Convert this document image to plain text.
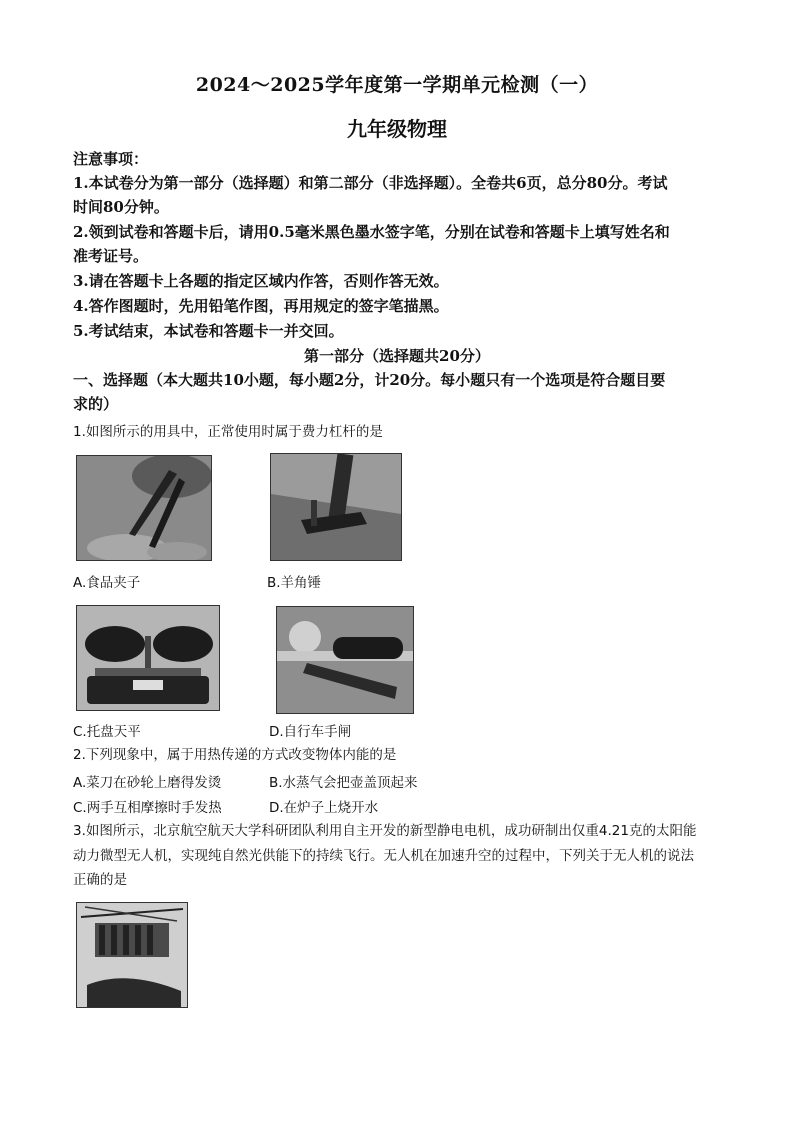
2024～2025学年度第一学期单元检测（一）
九年级物理
注意事项：
1.本试卷分为第一部分（选择题）和第二部分（非选择题）。全卷共6页，总分80分。考试
时间80分钟。
2.领到试卷和答题卡后，请用0.5毫米黑色墨水签字笔，分别在试卷和答题卡上填写姓名和
准考证号。
3.请在答题卡上各题的指定区域内作答，否则作答无效。
4.答作图题时，先用铅笔作图，再用规定的签字笔描黑。
5.考试结束，本试卷和答题卡一并交回。
第一部分（选择题共20分）
一、选择题（本大题共10小题，每小题2分，计20分。每小题只有一个选项是符合题目要
求的）
1.如图所示的用具中，正常使用时属于费力杠杆的是
A.食品夹子	B.羊角锤
C.托盘天平	D.自行车手闸
2.下列现象中，属于用热传递的方式改变物体内能的是
A.菜刀在砂轮上磨得发烫	B.水蒸气会把壶盖顶起来
C.两手互相摩擦时手发热	D.在炉子上烧开水
3.如图所示，北京航空航天大学科研团队利用自主开发的新型静电电机，成功研制出仅重4.21克的太阳能
动力微型无人机，实现纯自然光供能下的持续飞行。无人机在加速升空的过程中，下列关于无人机的说法
正确的是
